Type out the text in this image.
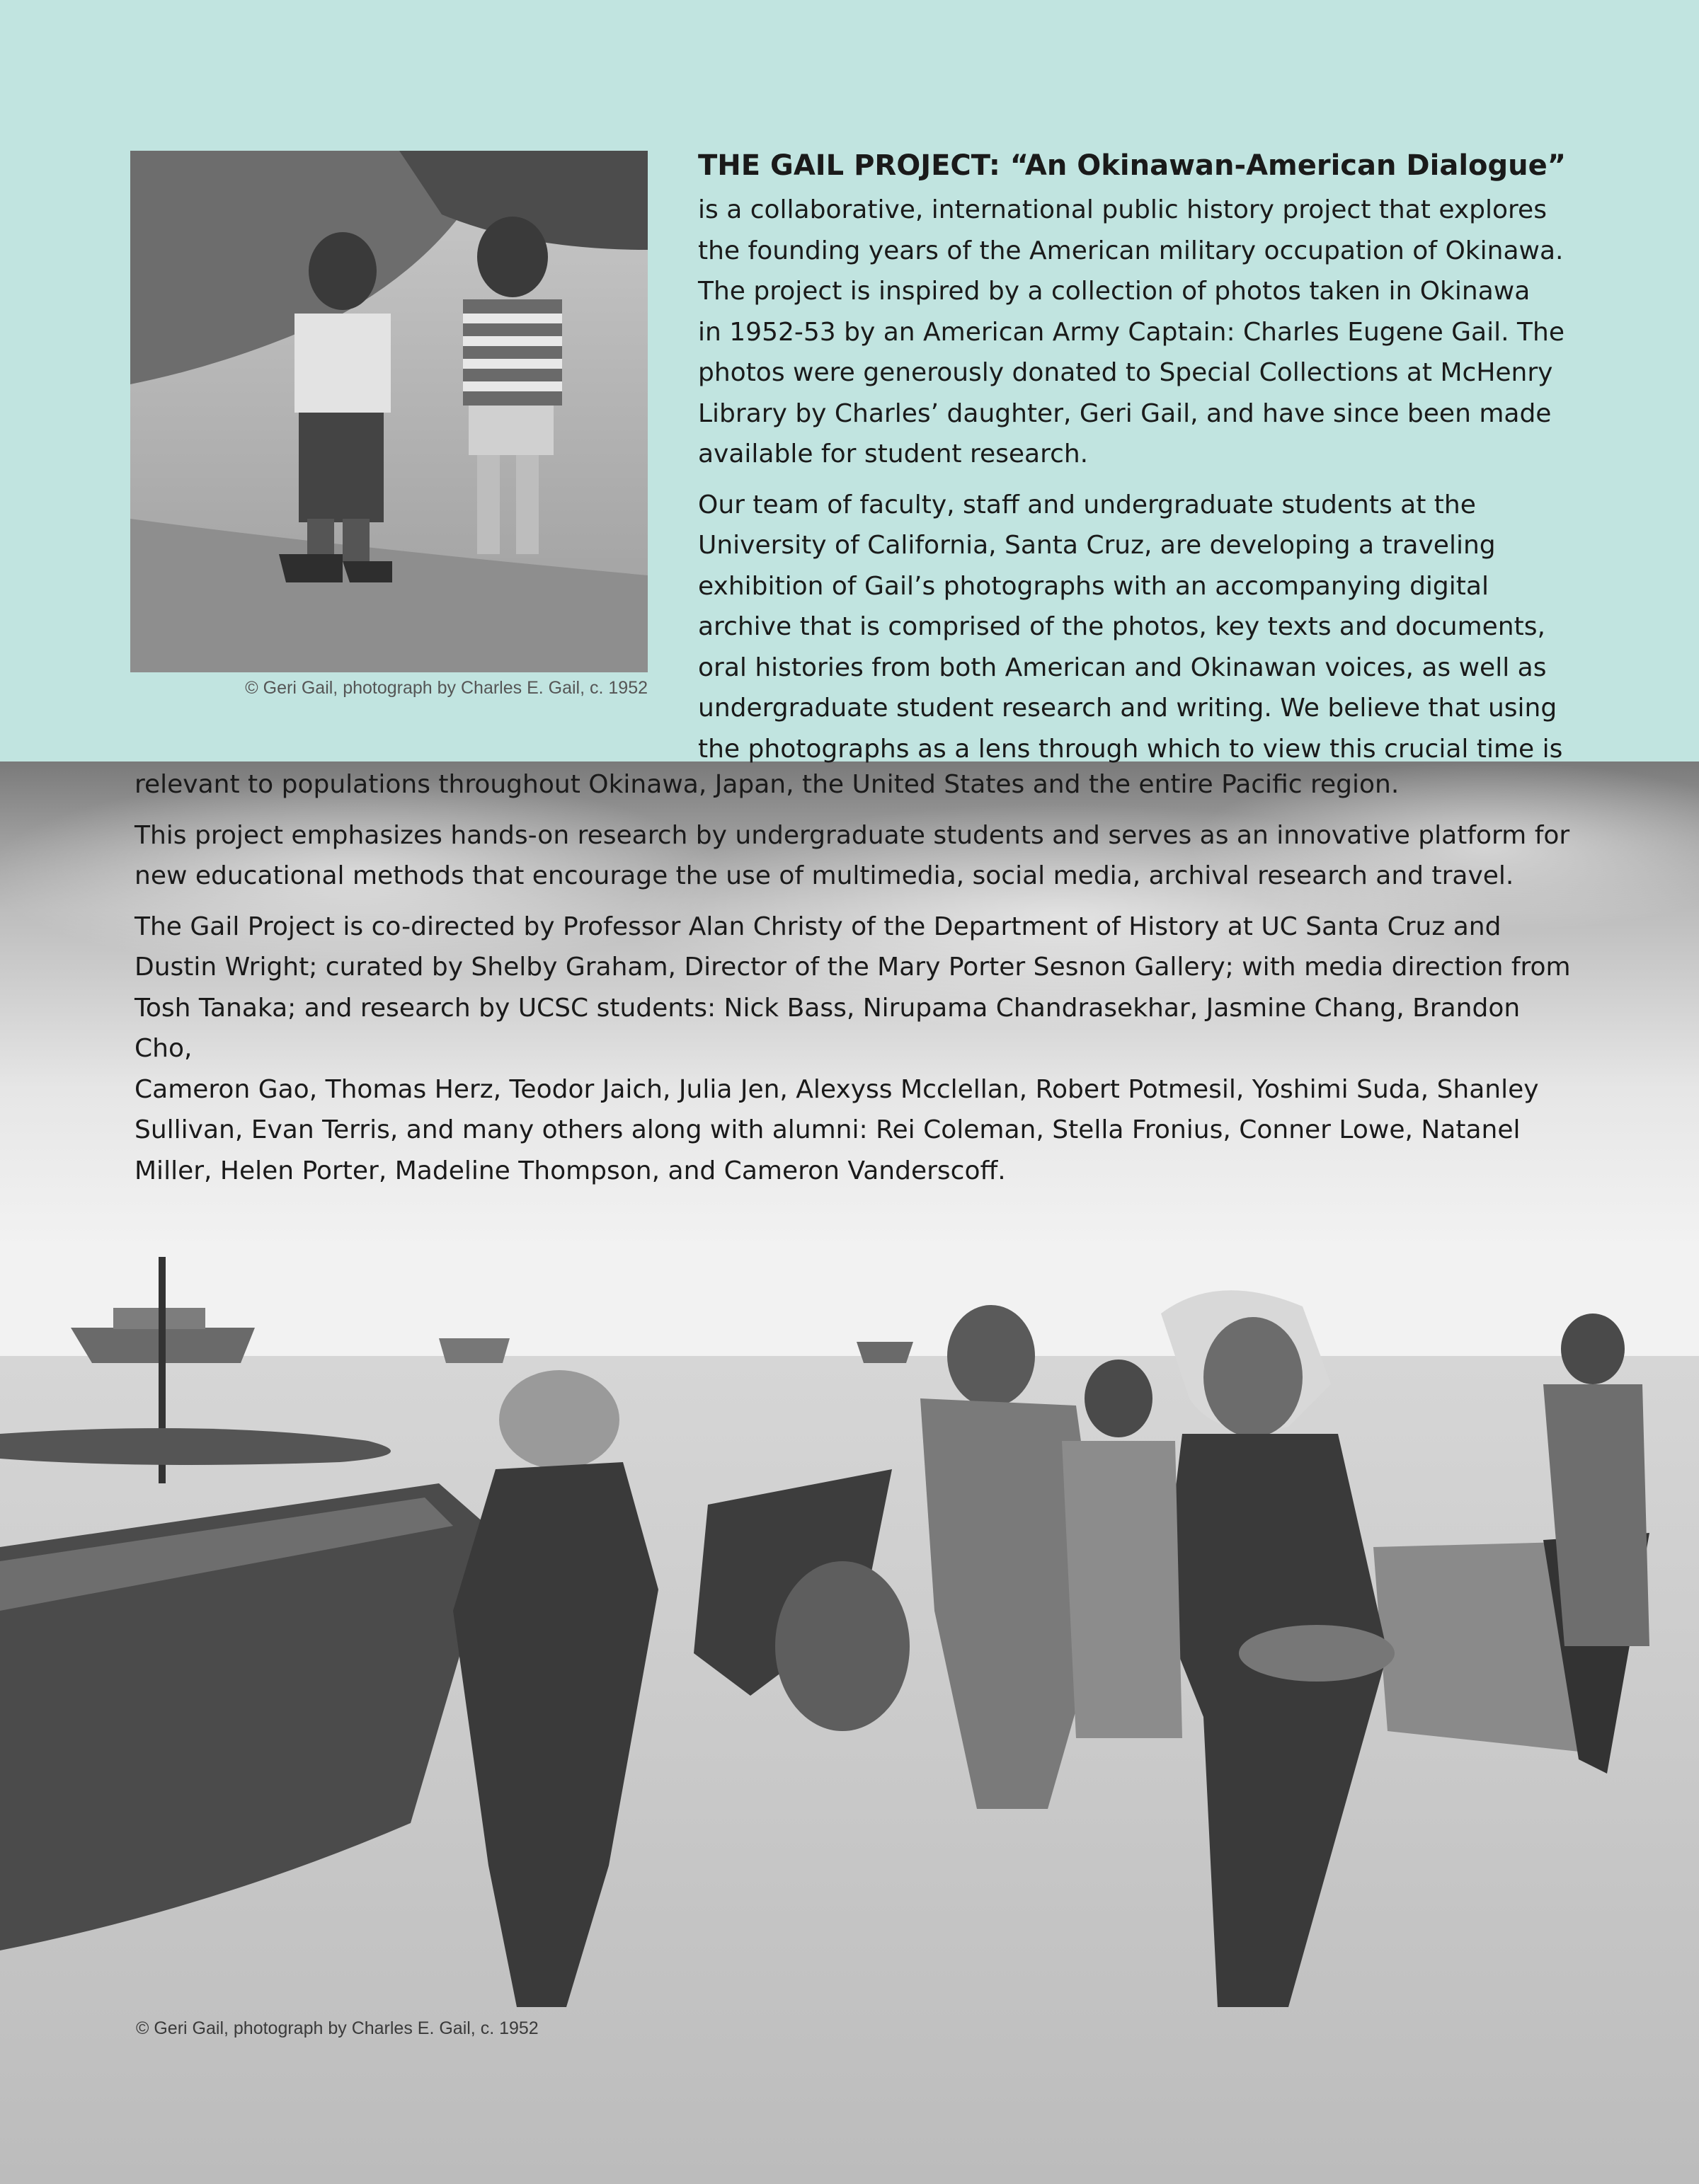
© Geri Gail, photograph by Charles E. Gail, c. 1952
THE GAIL PROJECT: “An Okinawan-American Dialogue”
is a collaborative, international public history project that explores
the founding years of the American military occupation of Okinawa.
The project is inspired by a collection of photos taken in Okinawa
in 1952-53 by an American Army Captain: Charles Eugene Gail. The
photos were generously donated to Special Collections at McHenry
Library by Charles’ daughter, Geri Gail, and have since been made
available for student research.
Our team of faculty, staff and undergraduate students at the
University of California, Santa Cruz, are developing a traveling
exhibition of Gail’s photographs with an accompanying digital
archive that is comprised of the photos, key texts and documents,
oral histories from both American and Okinawan voices, as well as
undergraduate student research and writing. We believe that using
the photographs as a lens through which to view this crucial time is
relevant to populations throughout Okinawa, Japan, the United States and the entire Pacific region.
This project emphasizes hands-on research by undergraduate students and serves as an innovative platform for
new educational methods that encourage the use of multimedia, social media, archival research and travel.
The Gail Project is co-directed by Professor Alan Christy of the Department of History at UC Santa Cruz and
Dustin Wright; curated by Shelby Graham, Director of the Mary Porter Sesnon Gallery; with media direction from
Tosh Tanaka; and research by UCSC students: Nick Bass, Nirupama Chandrasekhar, Jasmine Chang, Brandon Cho,
Cameron Gao, Thomas Herz, Teodor Jaich, Julia Jen, Alexyss Mcclellan, Robert Potmesil, Yoshimi Suda, Shanley
Sullivan, Evan Terris, and many others along with alumni: Rei Coleman, Stella Fronius, Conner Lowe, Natanel
Miller, Helen Porter, Madeline Thompson, and Cameron Vanderscoff.
© Geri Gail, photograph by Charles E. Gail, c. 1952
